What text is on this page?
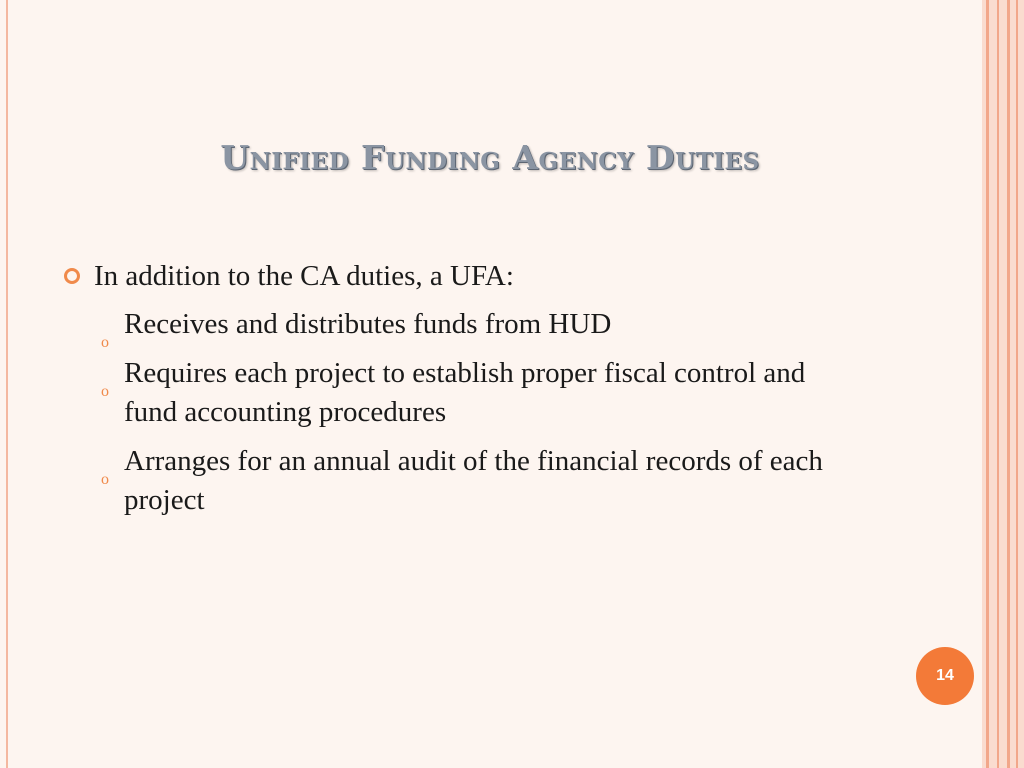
Unified Funding Agency Duties

In addition to the CA duties, a UFA:

o

Receives and distributes funds from HUD

o

Requires each project to establish proper fiscal control and fund accounting procedures

o

Arranges for an annual audit of the financial records of each project

14
